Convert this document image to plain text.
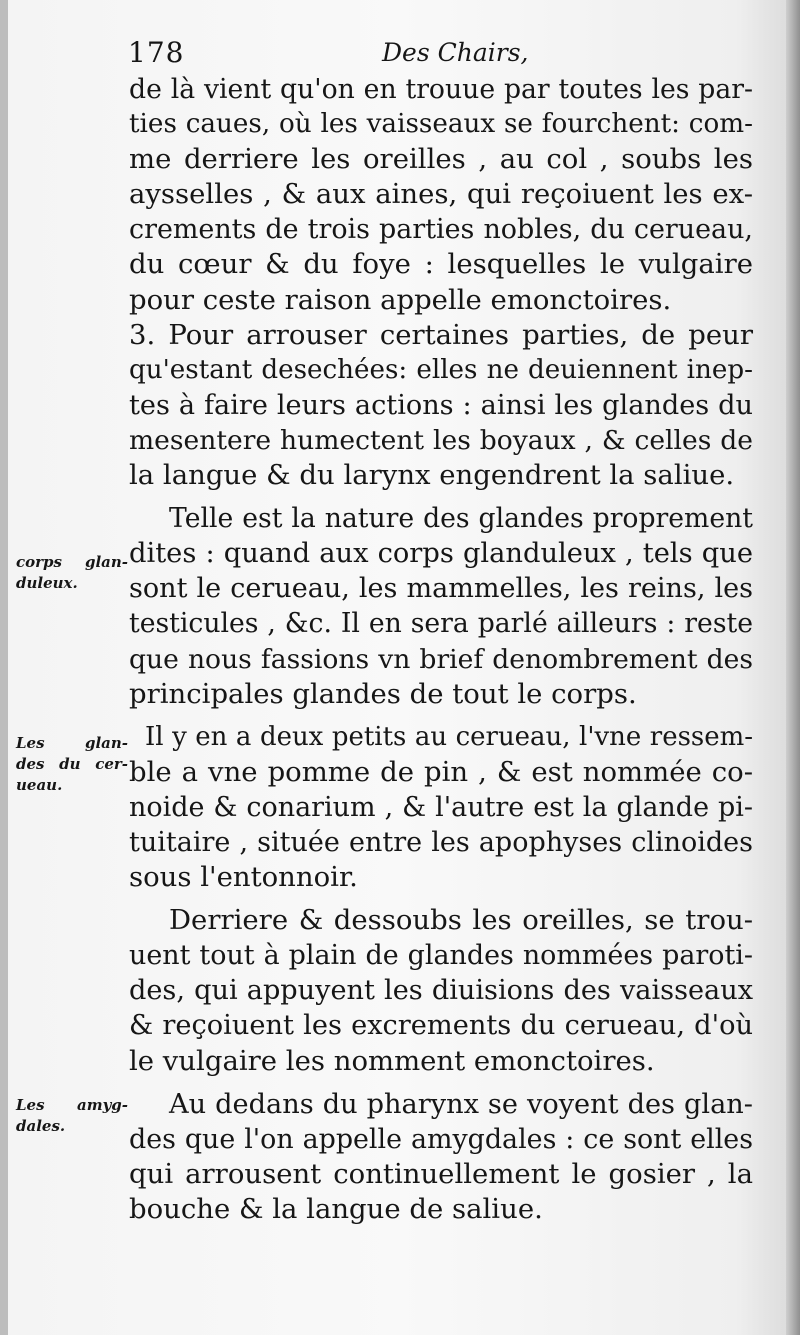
178	Des Chairs,
corps glan-
duleux.
Les glan-
des du cer-
ueau.
Les amyg-
dales.
de là vient qu'on en trouue par toutes les par-
ties caues, où les vaisseaux se fourchent: com-
me derriere les oreilles , au col , soubs les
aysselles , & aux aines, qui reçoiuent les ex-
crements de trois parties nobles, du cerueau,
du cœur & du foye : lesquelles le vulgaire
pour ceste raison appelle emonctoires.
3. Pour arrouser certaines parties, de peur
qu'estant desechées: elles ne deuiennent inep-
tes à faire leurs actions : ainsi les glandes du
mesentere humectent les boyaux , & celles de
la langue & du larynx engendrent la saliue.
Telle est la nature des glandes proprement
dites : quand aux corps glanduleux , tels que
sont le cerueau, les mammelles, les reins, les
testicules , &c. Il en sera parlé ailleurs : reste
que nous fassions vn brief denombrement des
principales glandes de tout le corps.
Il y en a deux petits au cerueau, l'vne ressem-
ble a vne pomme de pin , & est nommée co-
noide & conarium , & l'autre est la glande pi-
tuitaire , située entre les apophyses clinoides
sous l'entonnoir.
Derriere & dessoubs les oreilles, se trou-
uent tout à plain de glandes nommées paroti-
des, qui appuyent les diuisions des vaisseaux
& reçoiuent les excrements du cerueau, d'où
le vulgaire les nomment emonctoires.
Au dedans du pharynx se voyent des glan-
des que l'on appelle amygdales : ce sont elles
qui arrousent continuellement le gosier , la
bouche & la langue de saliue.
